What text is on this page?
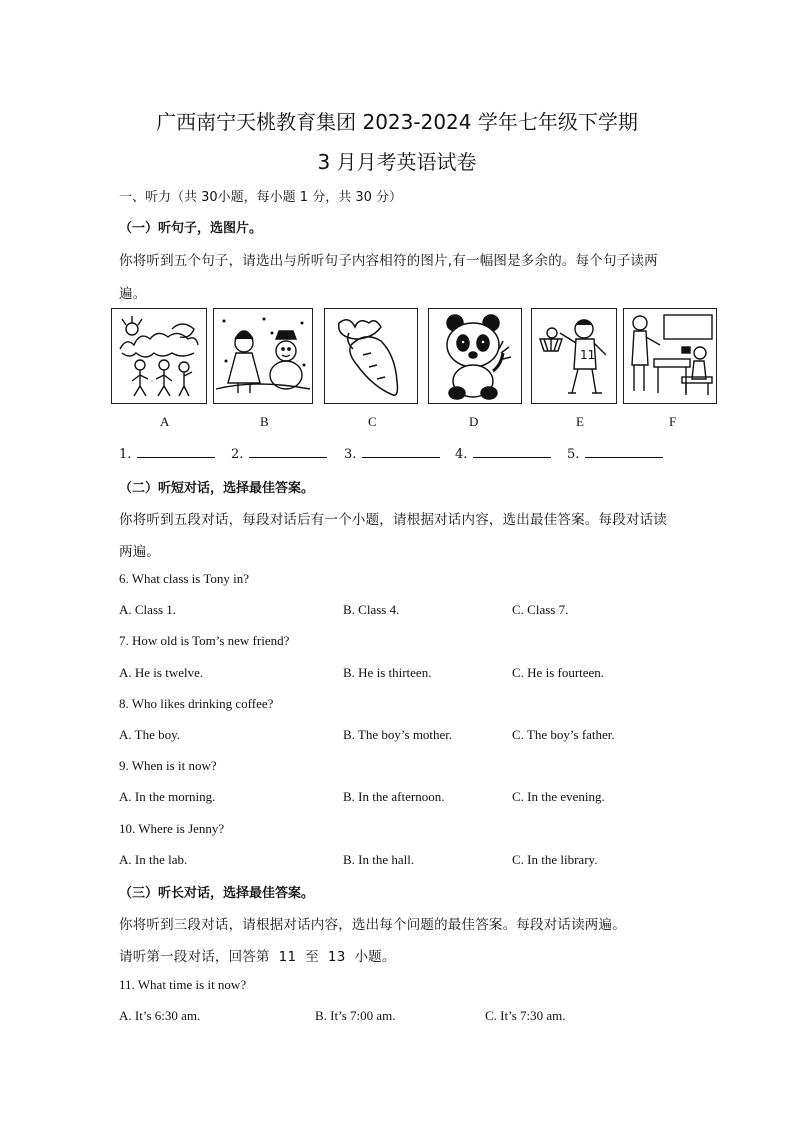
广西南宁天桃教育集团 2023-2024 学年七年级下学期
3 月月考英语试卷
一、听力（共 30小题，每小题 1 分，共 30 分）
（一）听句子，选图片。
你将听到五个句子，请选出与所听句子内容相符的图片,有一幅图是多余的。每个句子读两
遍。
11
A	B	C	D	E	F
1.	2.	3.	4.	5.
（二）听短对话，选择最佳答案。
你将听到五段对话，每段对话后有一个小题，请根据对话内容，选出最佳答案。每段对话读
两遍。
6. What class is Tony in?
A. Class 1.	B. Class 4.	C. Class 7.
7. How old is Tom’s new friend?
A. He is twelve.	B. He is thirteen.	C. He is fourteen.
8. Who likes drinking coffee?
A. The boy.	B. The boy’s mother.	C. The boy’s father.
9. When is it now?
A. In the morning.	B. In the afternoon.	C. In the evening.
10. Where is Jenny?
A. In the lab.	B. In the hall.	C. In the library.
（三）听长对话，选择最佳答案。
你将听到三段对话，请根据对话内容，选出每个问题的最佳答案。每段对话读两遍。
请听第一段对话，回答第  11  至  13  小题。
11. What time is it now?
A. It’s 6:30 am.	B. It’s 7:00 am.	C. It’s 7:30 am.
